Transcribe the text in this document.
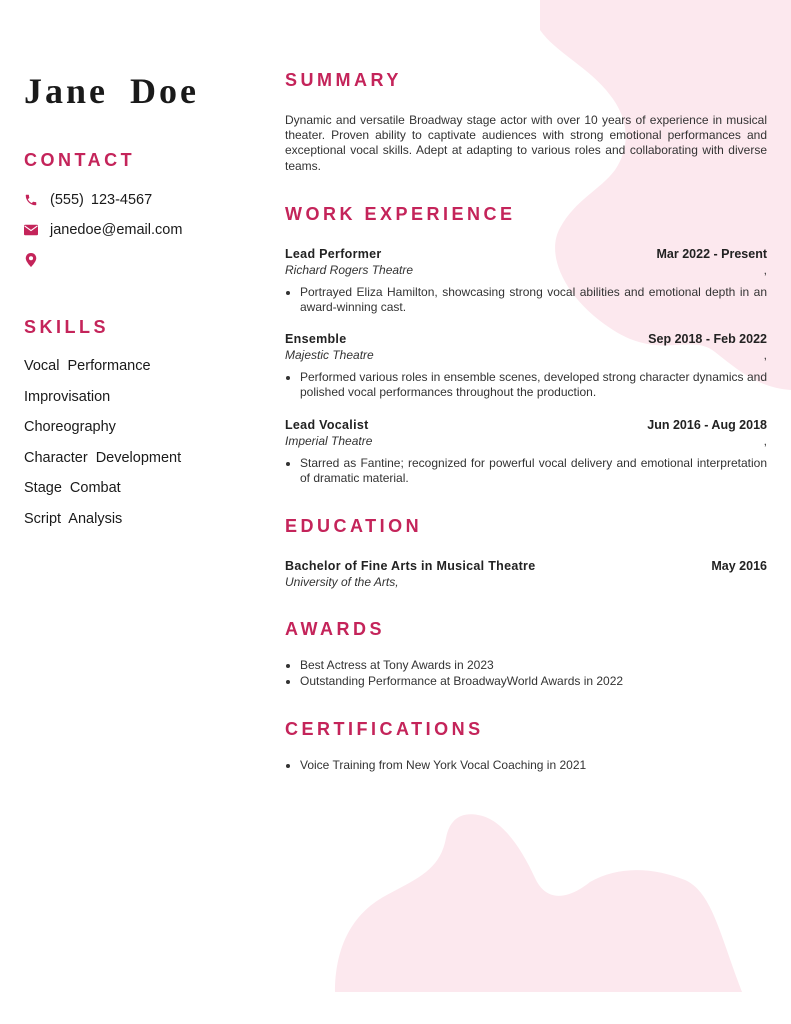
Jane Doe
CONTACT
(555) 123-4567
janedoe@email.com
SKILLS
Vocal Performance
Improvisation
Choreography
Character Development
Stage Combat
Script Analysis
SUMMARY
Dynamic and versatile Broadway stage actor with over 10 years of experience in musical theater. Proven ability to captivate audiences with strong emotional performances and exceptional vocal skills. Adept at adapting to various roles and collaborating with diverse teams.
WORK EXPERIENCE
Lead Performer	Mar 2022 - Present
Richard Rogers Theatre	,
• Portrayed Eliza Hamilton, showcasing strong vocal abilities and emotional depth in an award-winning cast.
Ensemble	Sep 2018 - Feb 2022
Majestic Theatre	,
• Performed various roles in ensemble scenes, developed strong character dynamics and polished vocal performances throughout the production.
Lead Vocalist	Jun 2016 - Aug 2018
Imperial Theatre	,
• Starred as Fantine; recognized for powerful vocal delivery and emotional interpretation of dramatic material.
EDUCATION
Bachelor of Fine Arts in Musical Theatre	May 2016
University of the Arts,
AWARDS
• Best Actress at Tony Awards in 2023
• Outstanding Performance at BroadwayWorld Awards in 2022
CERTIFICATIONS
• Voice Training from New York Vocal Coaching in 2021
